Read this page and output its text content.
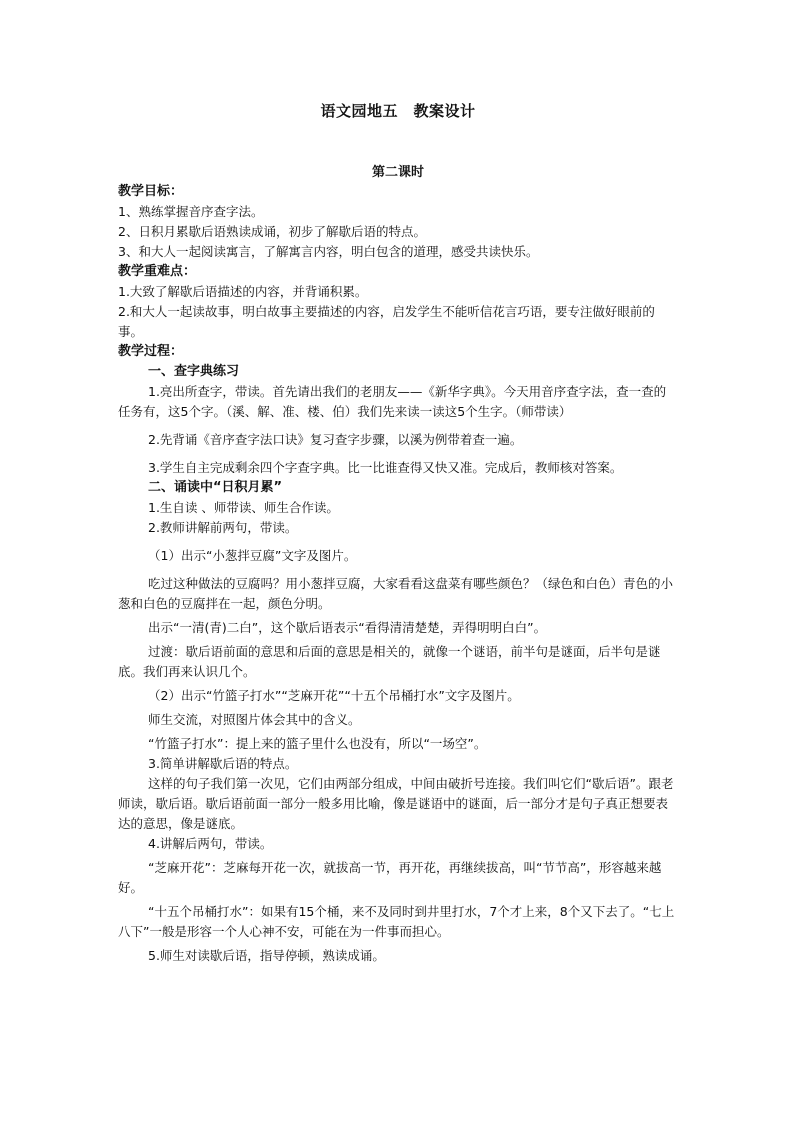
语文园地五　教案设计
第二课时
教学目标：
1、熟练掌握音序查字法。
2、日积月累歇后语熟读成诵，初步了解歇后语的特点。
3、和大人一起阅读寓言，了解寓言内容，明白包含的道理，感受共读快乐。
教学重难点：
1.大致了解歇后语描述的内容，并背诵积累。
2.和大人一起读故事，明白故事主要描述的内容，启发学生不能听信花言巧语，要专注做好眼前的事。
教学过程：
一、查字典练习
1.亮出所查字，带读。首先请出我们的老朋友——《新华字典》。今天用音序查字法，查一查的任务有，这5个字。（溪、解、准、楼、伯）我们先来读一读这5个生字。（师带读）
2.先背诵《音序查字法口诀》复习查字步骤，以溪为例带着查一遍。
3.学生自主完成剩余四个字查字典。比一比谁查得又快又准。完成后，教师核对答案。
二、诵读中“日积月累”
1.生自读 、师带读、师生合作读。
2.教师讲解前两句，带读。
（1）出示“小葱拌豆腐”文字及图片。
吃过这种做法的豆腐吗？用小葱拌豆腐，大家看看这盘菜有哪些颜色？（绿色和白色）青色的小葱和白色的豆腐拌在一起，颜色分明。
出示“一清(青)二白”，这个歇后语表示“看得清清楚楚，弄得明明白白”。
过渡：歇后语前面的意思和后面的意思是相关的，就像一个谜语，前半句是谜面，后半句是谜底。我们再来认识几个。
（2）出示“竹篮子打水”“芝麻开花”“十五个吊桶打水”文字及图片。
师生交流，对照图片体会其中的含义。
“竹篮子打水”：提上来的篮子里什么也没有，所以“一场空”。
3.简单讲解歇后语的特点。
这样的句子我们第一次见，它们由两部分组成，中间由破折号连接。我们叫它们“歇后语”。跟老师读，歇后语。歇后语前面一部分一般多用比喻，像是谜语中的谜面，后一部分才是句子真正想要表达的意思，像是谜底。
4.讲解后两句，带读。
“芝麻开花”：芝麻每开花一次，就拔高一节，再开花，再继续拔高，叫“节节高”，形容越来越好。
“十五个吊桶打水”：如果有15个桶，来不及同时到井里打水，7个才上来，8个又下去了。“七上八下”一般是形容一个人心神不安，可能在为一件事而担心。
5.师生对读歇后语，指导停顿，熟读成诵。
